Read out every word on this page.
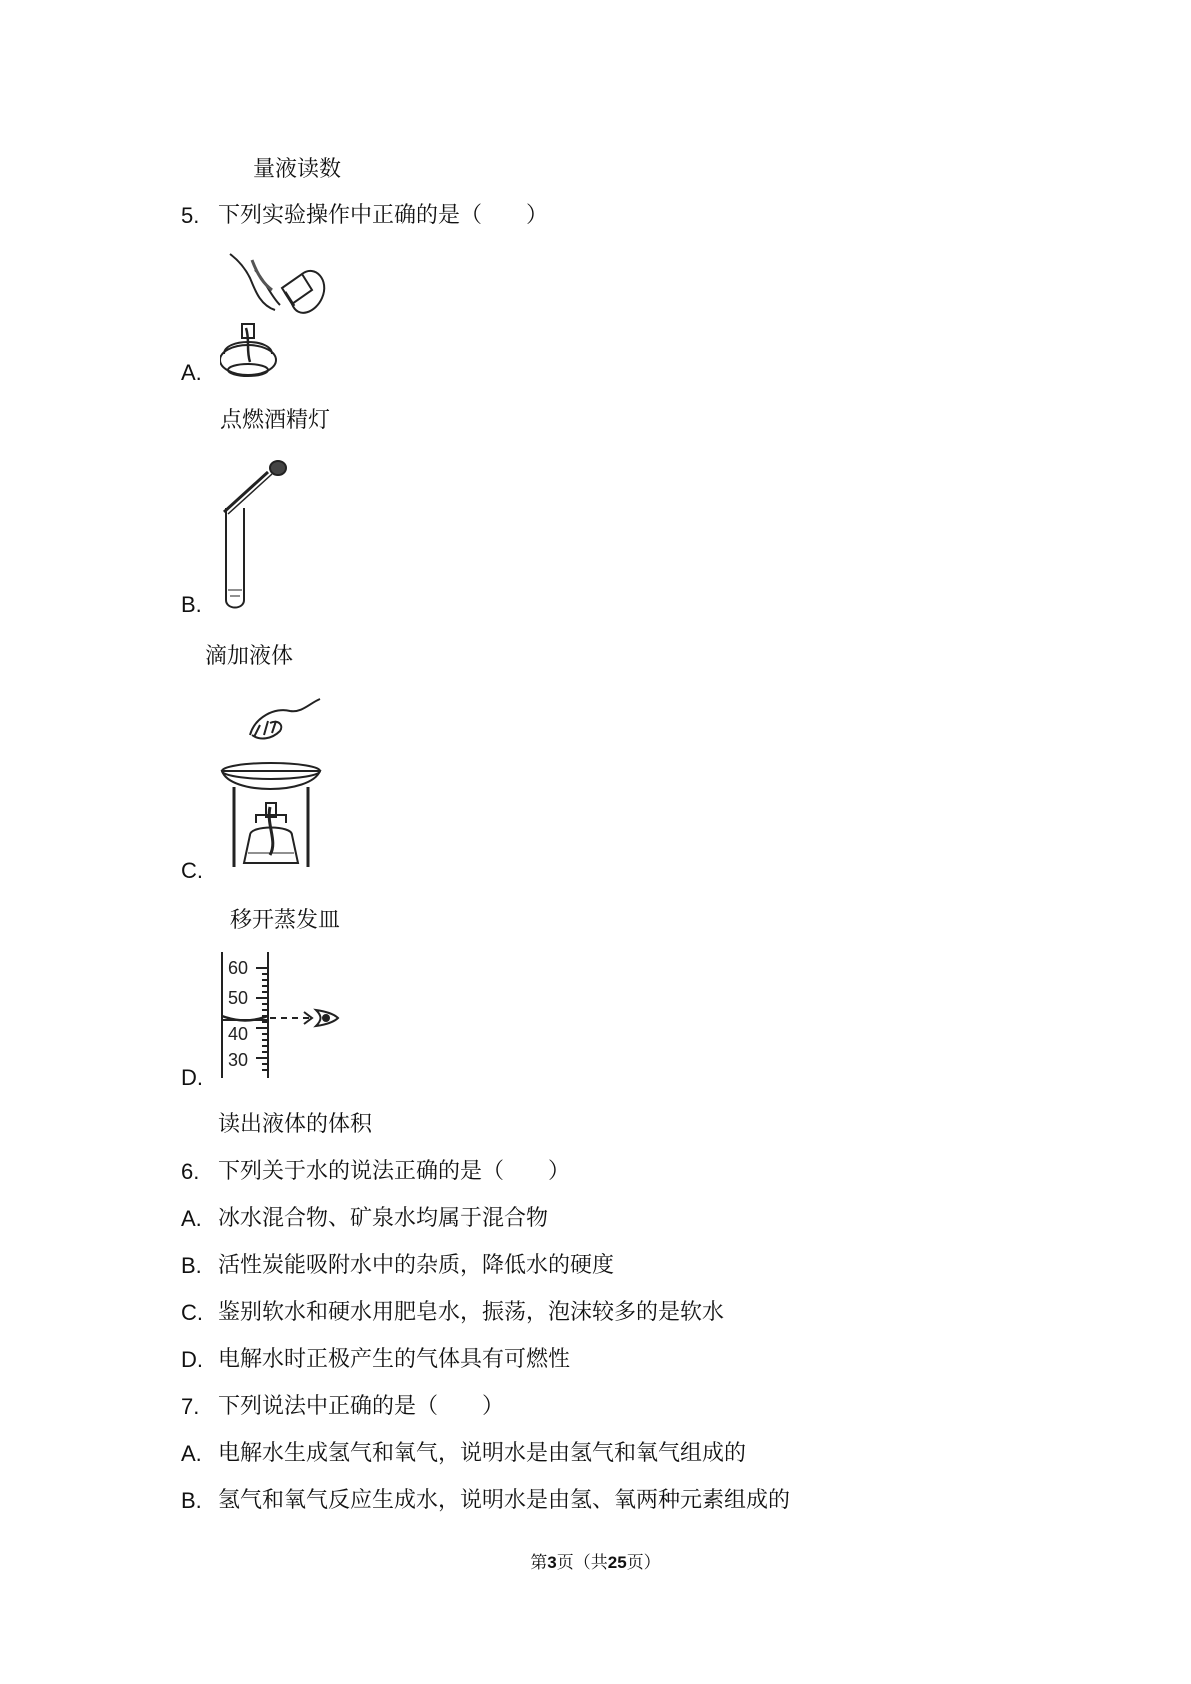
量液读数
5. 下列实验操作中正确的是（　　）
A.
点燃酒精灯
B.
滴加液体
C.
移开蒸发皿
60
50
40
30
D.
读出液体的体积
6. 下列关于水的说法正确的是（　　）
A. 冰水混合物、矿泉水均属于混合物
B. 活性炭能吸附水中的杂质，降低水的硬度
C. 鉴别软水和硬水用肥皂水，振荡，泡沫较多的是软水
D. 电解水时正极产生的气体具有可燃性
7. 下列说法中正确的是（　　）
A. 电解水生成氢气和氧气，说明水是由氢气和氧气组成的
B. 氢气和氧气反应生成水，说明水是由氢、氧两种元素组成的
第3页（共25页）
